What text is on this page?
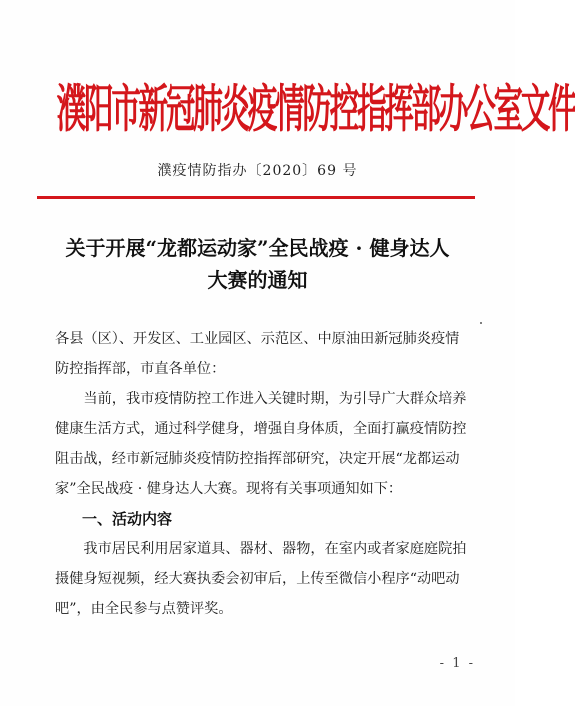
濮阳市新冠肺炎疫情防控指挥部办公室文件
濮疫情防指办〔2020〕69 号
关于开展“龙都运动家”全民战疫 · 健身达人
大赛的通知
各县（区）、开发区、工业园区、示范区、中原油田新冠肺炎疫情防控指挥部，市直各单位：
当前，我市疫情防控工作进入关键时期，为引导广大群众培养健康生活方式，通过科学健身，增强自身体质，全面打赢疫情防控阻击战，经市新冠肺炎疫情防控指挥部研究，决定开展“龙都运动家”全民战疫 · 健身达人大赛。现将有关事项通知如下：
一、活动内容
我市居民利用居家道具、器材、器物，在室内或者家庭庭院拍摄健身短视频，经大赛执委会初审后，上传至微信小程序“动吧动吧”，由全民参与点赞评奖。
- 1 -
